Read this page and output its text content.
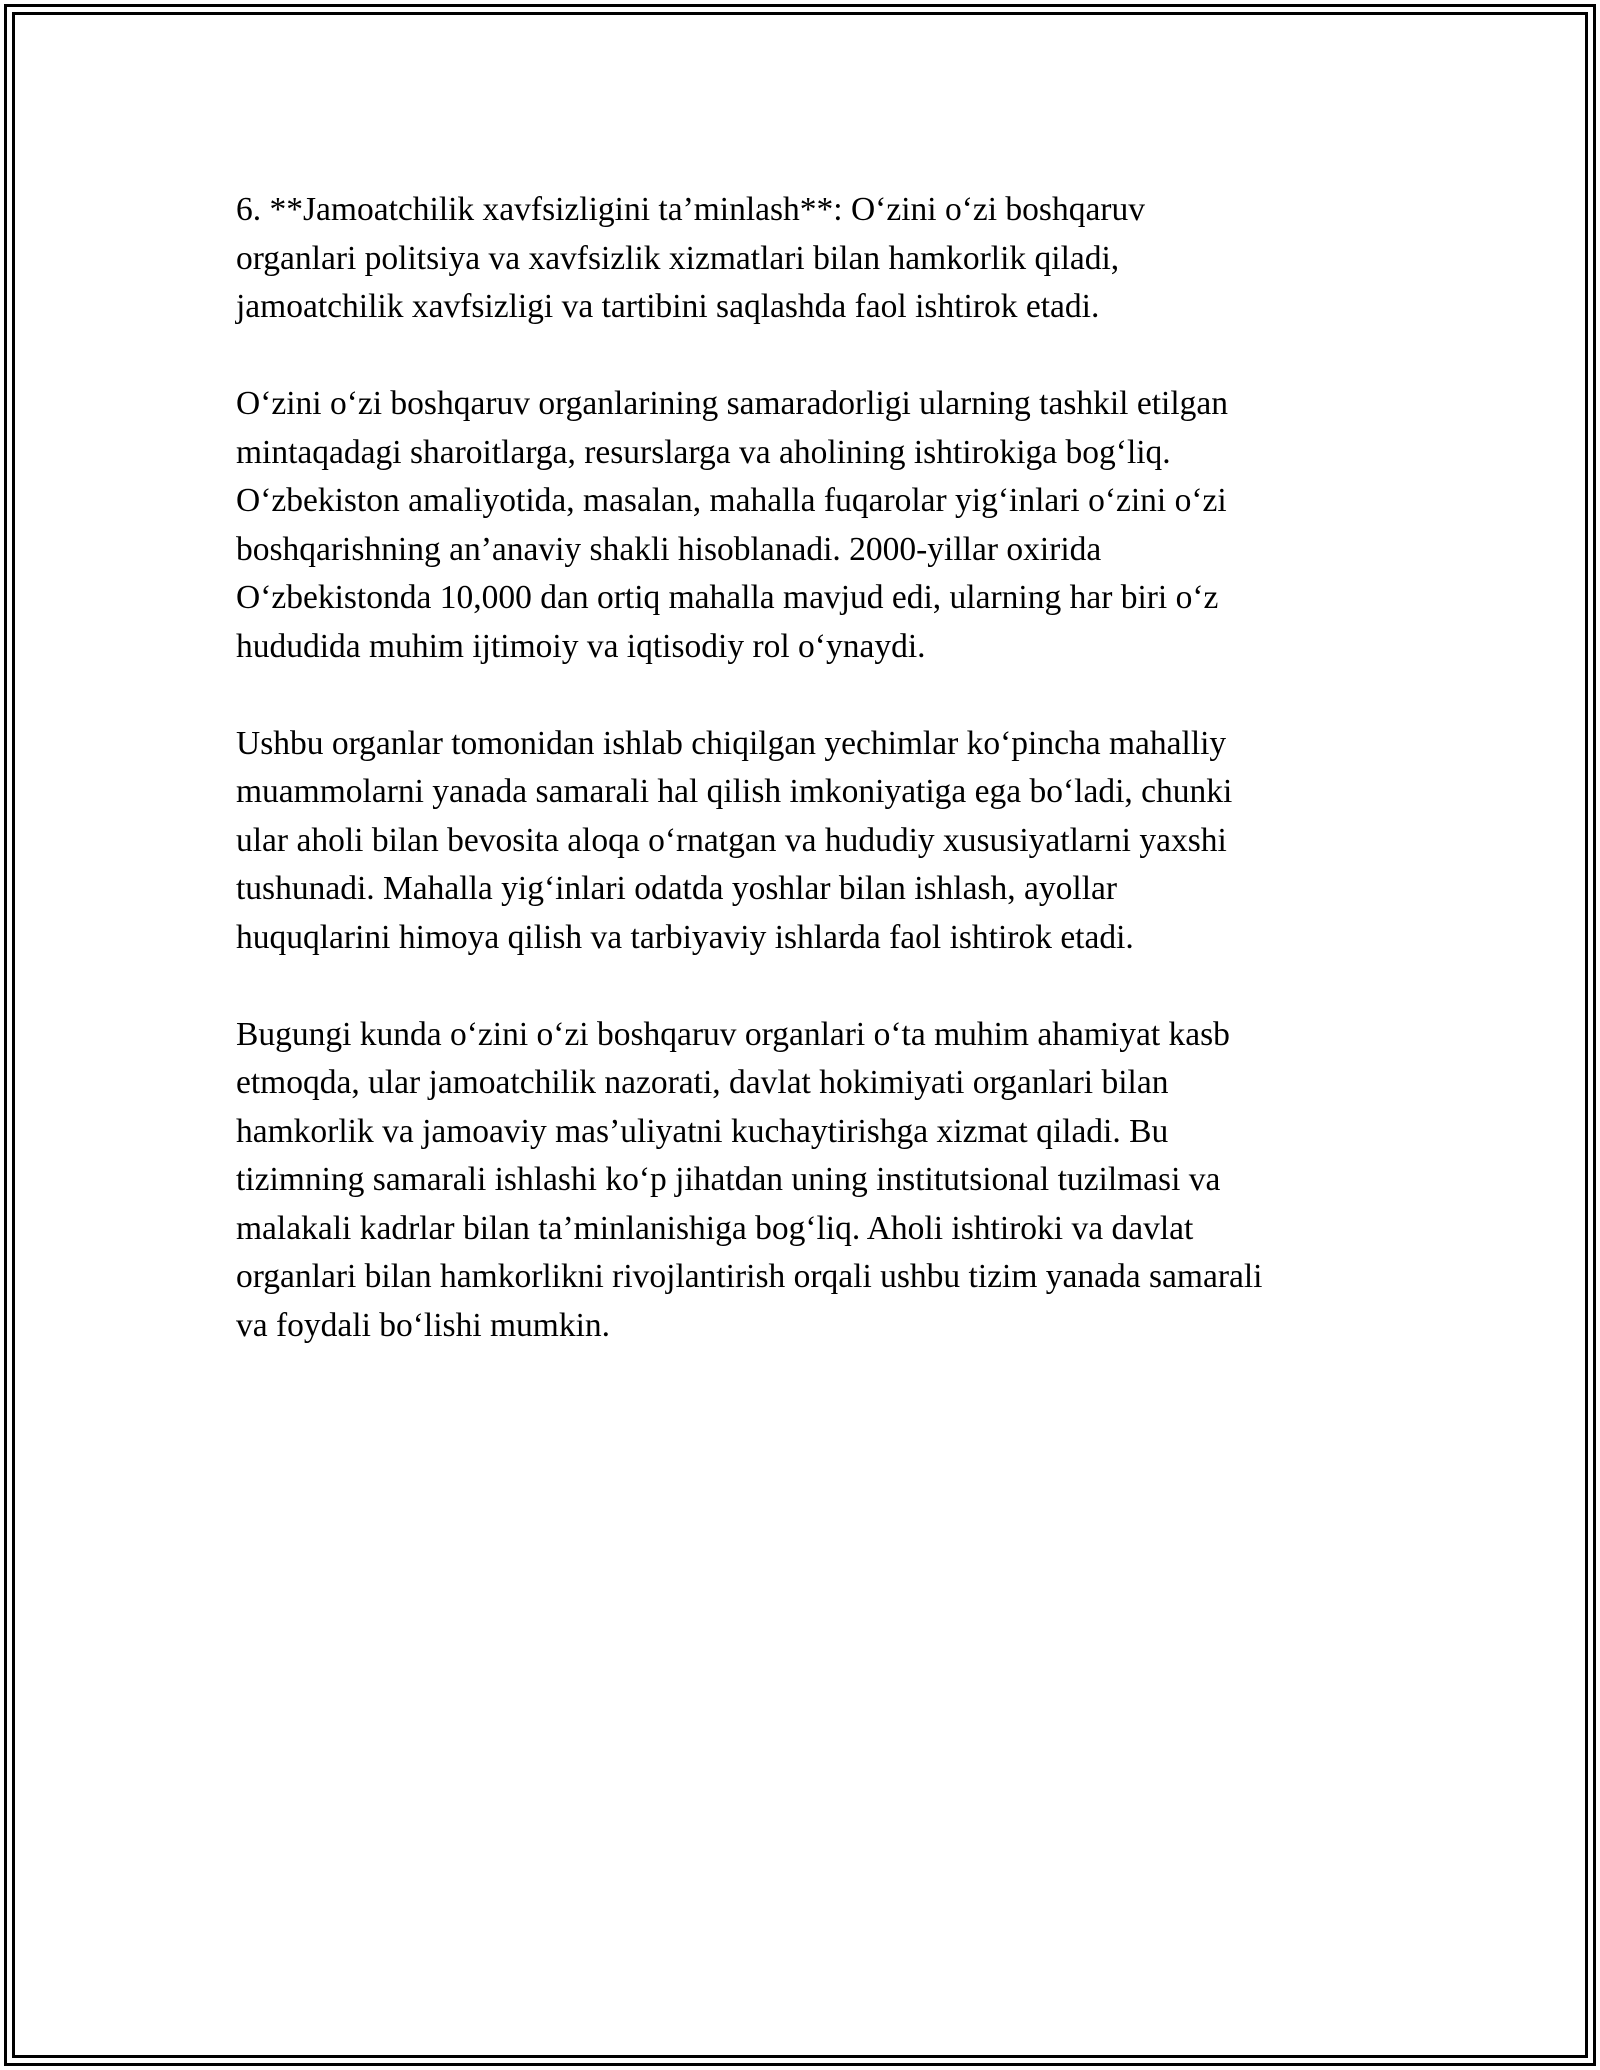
6. **Jamoatchilik xavfsizligini ta’minlash**: O‘zini o‘zi boshqaruv
organlari politsiya va xavfsizlik xizmatlari bilan hamkorlik qiladi,
jamoatchilik xavfsizligi va tartibini saqlashda faol ishtirok etadi.

O‘zini o‘zi boshqaruv organlarining samaradorligi ularning tashkil etilgan
mintaqadagi sharoitlarga, resurslarga va aholining ishtirokiga bog‘liq.
O‘zbekiston amaliyotida, masalan, mahalla fuqarolar yig‘inlari o‘zini o‘zi
boshqarishning an’anaviy shakli hisoblanadi. 2000-yillar oxirida
O‘zbekistonda 10,000 dan ortiq mahalla mavjud edi, ularning har biri o‘z
hududida muhim ijtimoiy va iqtisodiy rol o‘ynaydi.

Ushbu organlar tomonidan ishlab chiqilgan yechimlar ko‘pincha mahalliy
muammolarni yanada samarali hal qilish imkoniyatiga ega bo‘ladi, chunki
ular aholi bilan bevosita aloqa o‘rnatgan va hududiy xususiyatlarni yaxshi
tushunadi. Mahalla yig‘inlari odatda yoshlar bilan ishlash, ayollar
huquqlarini himoya qilish va tarbiyaviy ishlarda faol ishtirok etadi.

Bugungi kunda o‘zini o‘zi boshqaruv organlari o‘ta muhim ahamiyat kasb
etmoqda, ular jamoatchilik nazorati, davlat hokimiyati organlari bilan
hamkorlik va jamoaviy mas’uliyatni kuchaytirishga xizmat qiladi. Bu
tizimning samarali ishlashi ko‘p jihatdan uning institutsional tuzilmasi va
malakali kadrlar bilan ta’minlanishiga bog‘liq. Aholi ishtiroki va davlat
organlari bilan hamkorlikni rivojlantirish orqali ushbu tizim yanada samarali
va foydali bo‘lishi mumkin.
